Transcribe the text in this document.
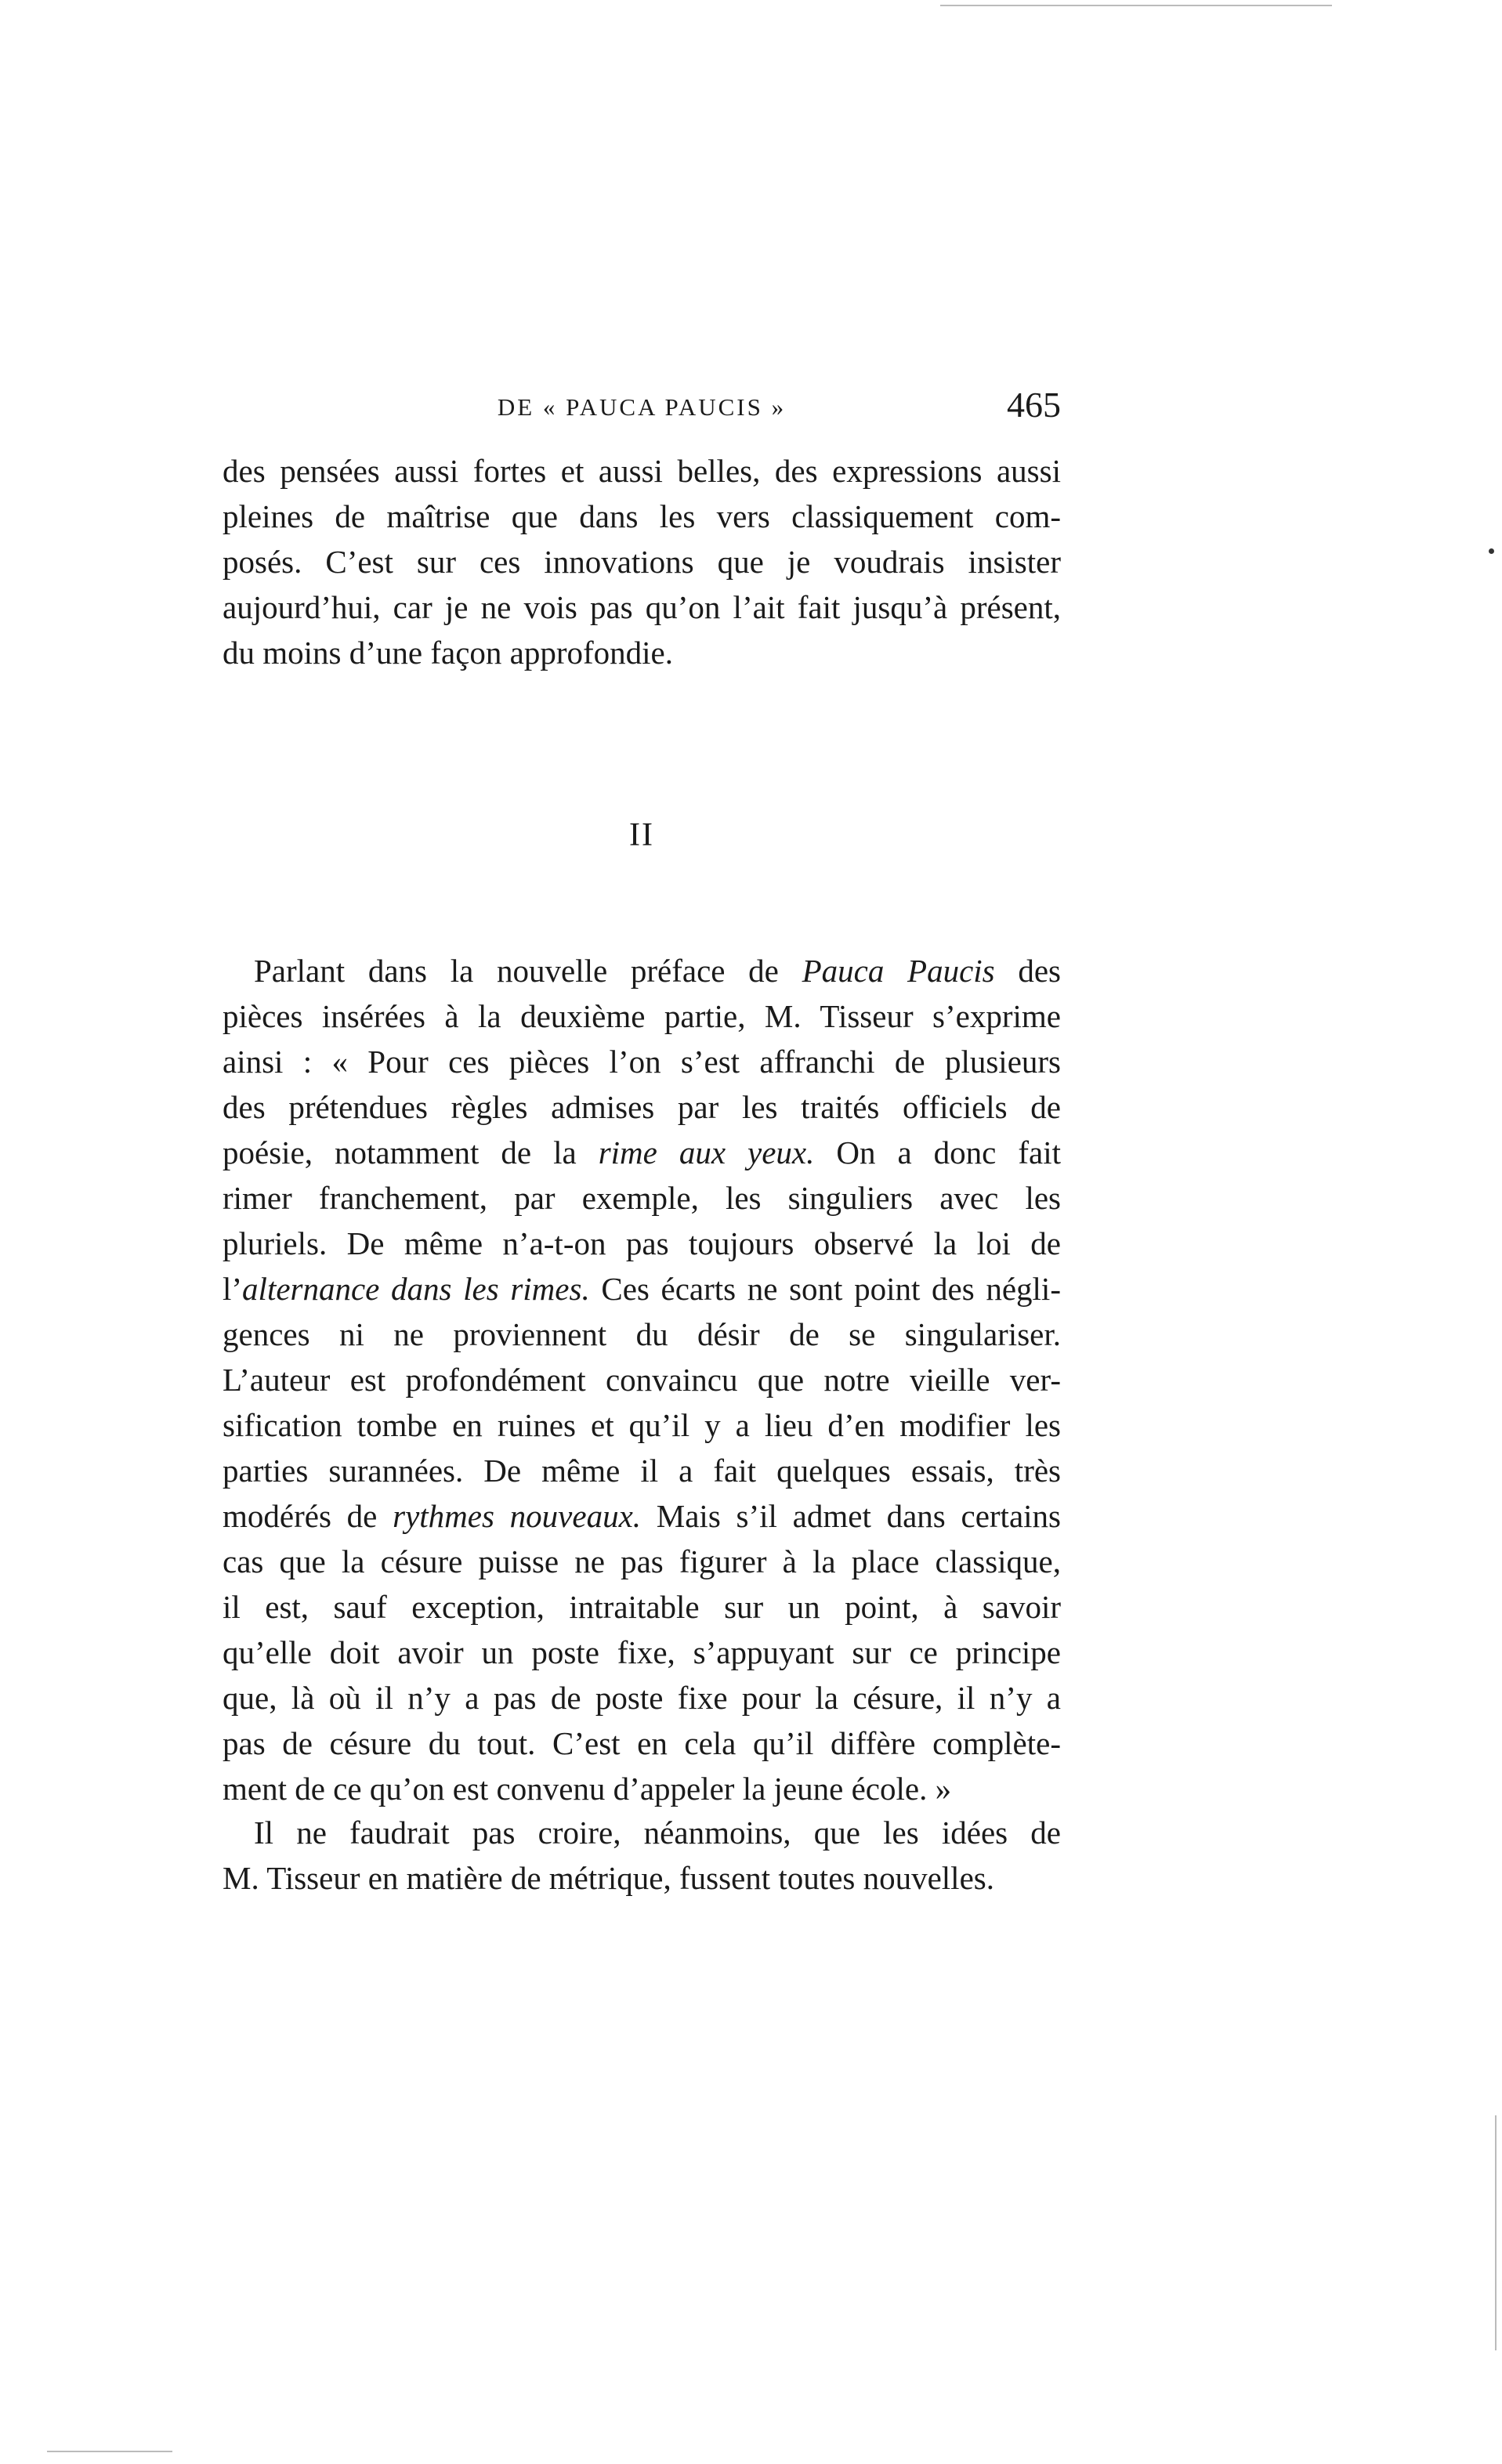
DE « PAUCA PAUCIS »	465
des pensées aussi fortes et aussi belles, des expressions aussi
pleines de maîtrise que dans les vers classiquement com-
posés. C’est sur ces innovations que je voudrais insister
aujourd’hui, car je ne vois pas qu’on l’ait fait jusqu’à présent,
du moins d’une façon approfondie.
II
Parlant dans la nouvelle préface de Pauca Paucis des
pièces insérées à la deuxième partie, M. Tisseur s’exprime
ainsi : « Pour ces pièces l’on s’est affranchi de plusieurs
des prétendues règles admises par les traités officiels de
poésie, notamment de la rime aux yeux. On a donc fait
rimer franchement, par exemple, les singuliers avec les
pluriels. De même n’a-t-on pas toujours observé la loi de
l’alternance dans les rimes. Ces écarts ne sont point des négli-
gences ni ne proviennent du désir de se singulariser.
L’auteur est profondément convaincu que notre vieille ver-
sification tombe en ruines et qu’il y a lieu d’en modifier les
parties surannées. De même il a fait quelques essais, très
modérés de rythmes nouveaux. Mais s’il admet dans certains
cas que la césure puisse ne pas figurer à la place classique,
il est, sauf exception, intraitable sur un point, à savoir
qu’elle doit avoir un poste fixe, s’appuyant sur ce principe
que, là où il n’y a pas de poste fixe pour la césure, il n’y a
pas de césure du tout. C’est en cela qu’il diffère complète-
ment de ce qu’on est convenu d’appeler la jeune école. »
Il ne faudrait pas croire, néanmoins, que les idées de
M. Tisseur en matière de métrique, fussent toutes nouvelles.
